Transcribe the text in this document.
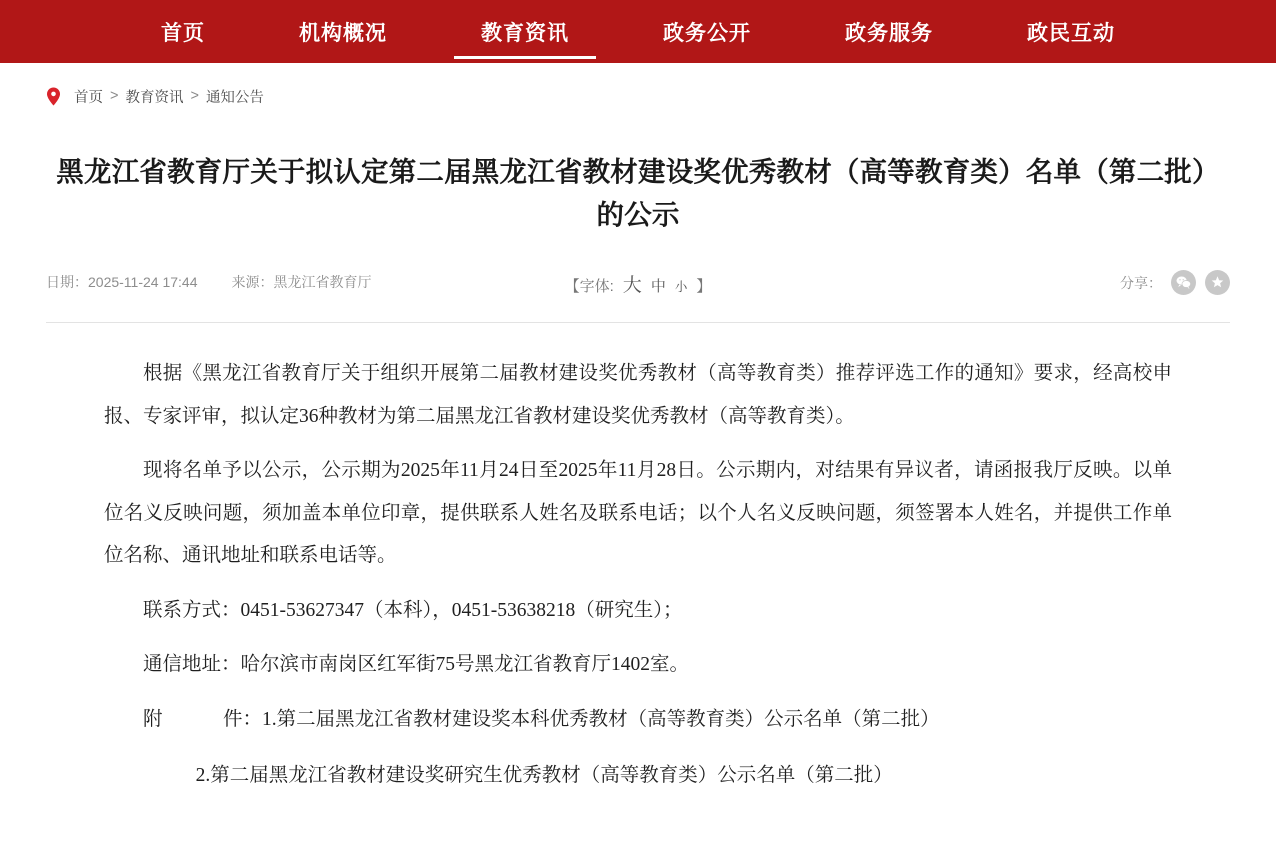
首页	机构概况	教育资讯	政务公开	政务服务	政民互动
首页 > 教育资讯 > 通知公告
黑龙江省教育厅关于拟认定第二届黑龙江省教材建设奖优秀教材（高等教育类）名单（第二批）的公示
日期：2025-11-24 17:44 来源：黑龙江省教育厅	【字体: 大 中 小 】	分享：

根据《黑龙江省教育厅关于组织开展第二届教材建设奖优秀教材（高等教育类）推荐评选工作的通知》要求，经高校申报、专家评审，拟认定36种教材为第二届黑龙江省教材建设奖优秀教材（高等教育类）。

现将名单予以公示，公示期为2025年11月24日至2025年11月28日。公示期内，对结果有异议者，请函报我厅反映。以单位名义反映问题，须加盖本单位印章，提供联系人姓名及联系电话；以个人名义反映问题，须签署本人姓名，并提供工作单位名称、通讯地址和联系电话等。

联系方式：0451-53627347（本科），0451-53638218（研究生）；

通信地址：哈尔滨市南岗区红军街75号黑龙江省教育厅1402室。

附	件：1.第二届黑龙江省教材建设奖本科优秀教材（高等教育类）公示名单（第二批）

2.第二届黑龙江省教材建设奖研究生优秀教材（高等教育类）公示名单（第二批）
